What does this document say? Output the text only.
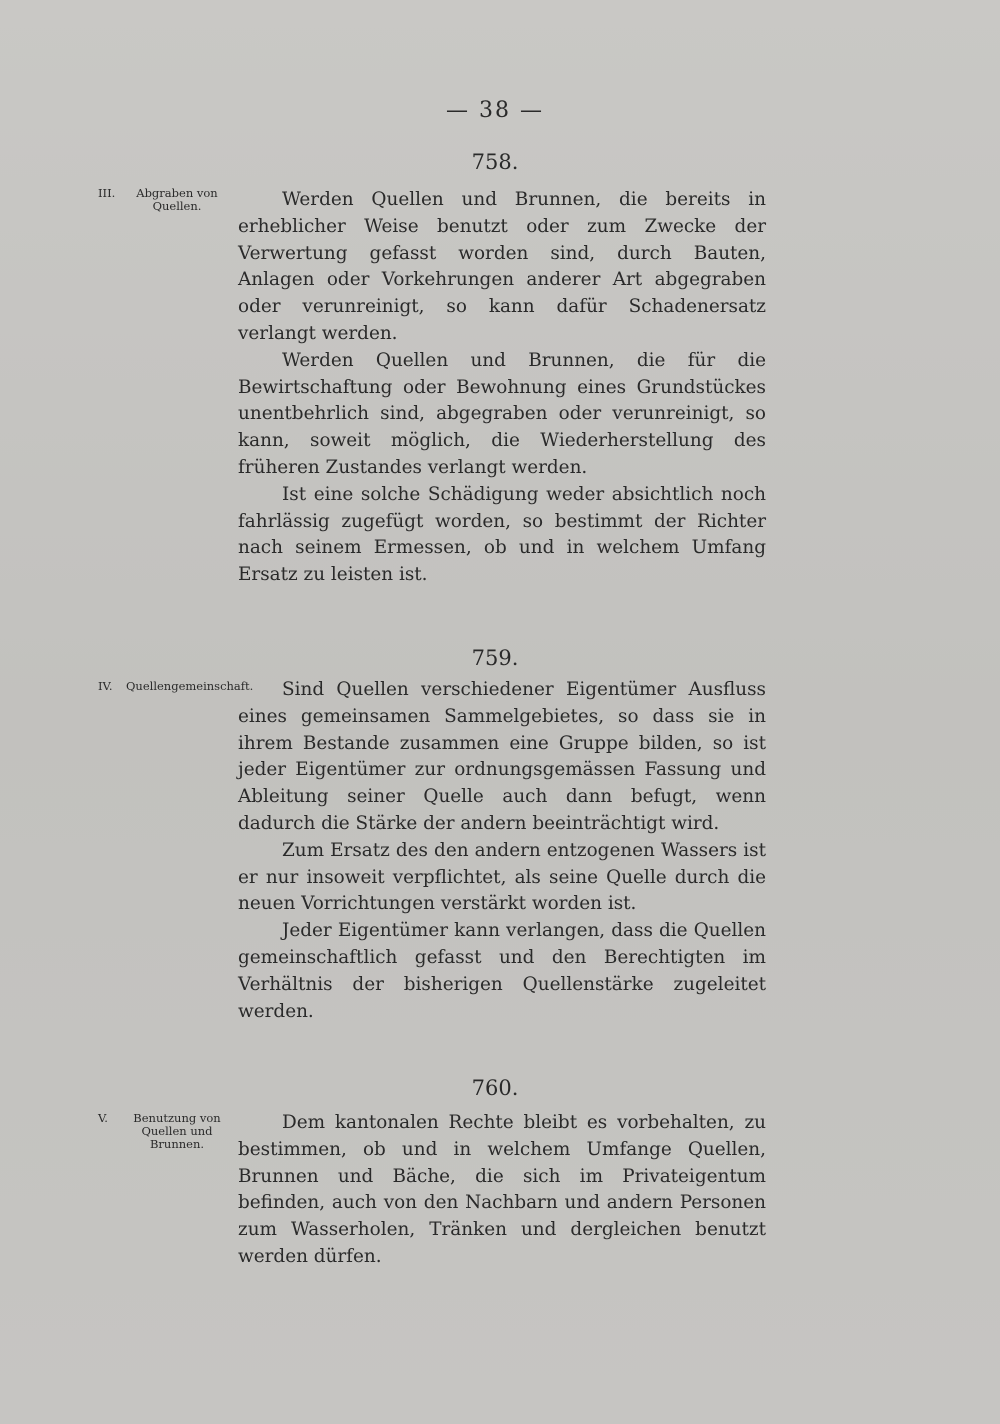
— 38 —
758.
III.	Abgraben von Quellen.	Werden Quellen und Brunnen, die bereits in erheblicher Weise benutzt oder zum Zwecke der Verwertung gefasst worden sind, durch Bauten, Anlagen oder Vorkehrungen anderer Art abgegraben oder verunreinigt, so kann dafür Schadenersatz verlangt werden.

Werden Quellen und Brunnen, die für die Bewirtschaftung oder Bewohnung eines Grundstückes unentbehrlich sind, abgegraben oder verunreinigt, so kann, soweit möglich, die Wiederherstellung des früheren Zustandes verlangt werden.

Ist eine solche Schädigung weder absichtlich noch fahrlässig zugefügt worden, so bestimmt der Richter nach seinem Ermessen, ob und in welchem Umfang Ersatz zu leisten ist.

759.
IV.	Quellengemeinschaft.	Sind Quellen verschiedener Eigentümer Ausfluss eines gemeinsamen Sammelgebietes, so dass sie in ihrem Bestande zusammen eine Gruppe bilden, so ist jeder Eigentümer zur ordnungsgemässen Fassung und Ableitung seiner Quelle auch dann befugt, wenn dadurch die Stärke der andern beeinträchtigt wird.

Zum Ersatz des den andern entzogenen Wassers ist er nur insoweit verpflichtet, als seine Quelle durch die neuen Vorrichtungen verstärkt worden ist.

Jeder Eigentümer kann verlangen, dass die Quellen gemeinschaftlich gefasst und den Berechtigten im Verhältnis der bisherigen Quellenstärke zugeleitet werden.

760.
V.	Benutzung von Quellen und Brunnen.

Dem kantonalen Rechte bleibt es vorbehalten, zu bestimmen, ob und in welchem Umfange Quellen, Brunnen und Bäche, die sich im Privateigentum befinden, auch von den Nachbarn und andern Personen zum Wasserholen, Tränken und dergleichen benutzt werden dürfen.
